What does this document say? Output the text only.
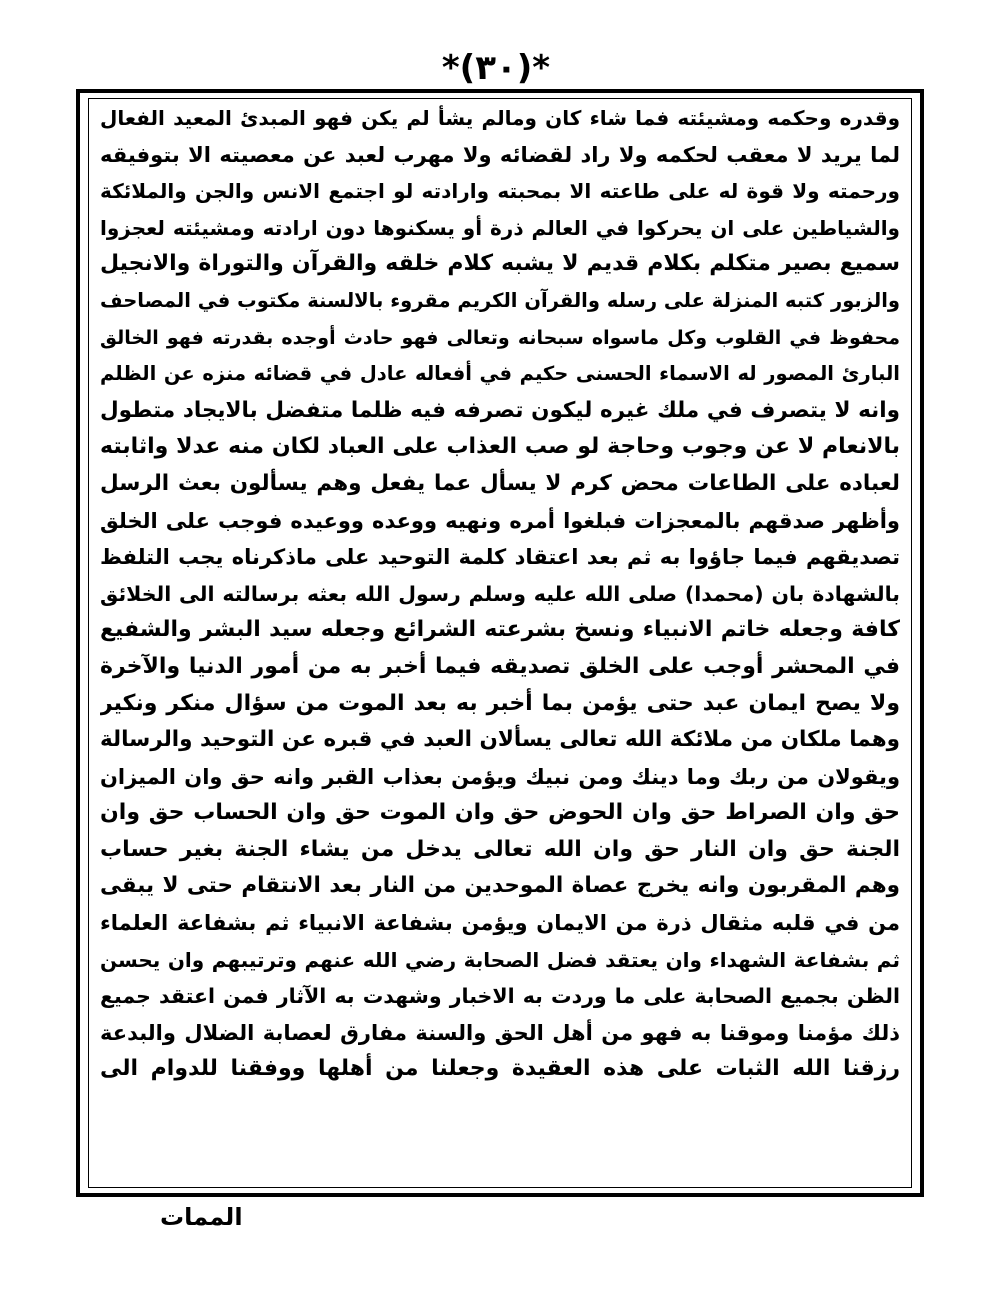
*(٣٠)*
وقدره وحكمه ومشيئته فما شاء كان ومالم يشأ لم يكن فهو المبدئ المعيد الفعال
لما يريد لا معقب لحكمه ولا راد لقضائه ولا مهرب لعبد عن معصيته الا بتوفيقه
ورحمته ولا قوة له على طاعته الا بمحبته وارادته لو اجتمع الانس والجن والملائكة
والشياطين على ان يحركوا في العالم ذرة أو يسكنوها دون ارادته ومشيئته لعجزوا
سميع بصير متكلم بكلام قديم لا يشبه كلام خلقه والقرآن والتوراة والانجيل
والزبور كتبه المنزلة على رسله والقرآن الكريم مقروء بالالسنة مكتوب في المصاحف
محفوظ في القلوب وكل ماسواه سبحانه وتعالى فهو حادث أوجده بقدرته فهو الخالق
البارئ المصور له الاسماء الحسنى حكيم في أفعاله عادل في قضائه منزه عن الظلم
وانه لا يتصرف في ملك غيره ليكون تصرفه فيه ظلما متفضل بالايجاد متطول
بالانعام لا عن وجوب وحاجة لو صب العذاب على العباد لكان منه عدلا واثابته
لعباده على الطاعات محض كرم لا يسأل عما يفعل وهم يسألون بعث الرسل
وأظهر صدقهم بالمعجزات فبلغوا أمره ونهيه ووعده ووعيده فوجب على الخلق
تصديقهم فيما جاؤوا به ثم بعد اعتقاد كلمة التوحيد على ماذكرناه يجب التلفظ
بالشهادة بان (محمدا) صلى الله عليه وسلم رسول الله بعثه برسالته الى الخلائق
كافة وجعله خاتم الانبياء ونسخ بشرعته الشرائع وجعله سيد البشر والشفيع
في المحشر أوجب على الخلق تصديقه فيما أخبر به من أمور الدنيا والآخرة
ولا يصح ايمان عبد حتى يؤمن بما أخبر به بعد الموت من سؤال منكر ونكير
وهما ملكان من ملائكة الله تعالى يسألان العبد في قبره عن التوحيد والرسالة
ويقولان من ربك وما دينك ومن نبيك ويؤمن بعذاب القبر وانه حق وان الميزان
حق وان الصراط حق وان الحوض حق وان الموت حق وان الحساب حق وان
الجنة حق وان النار حق وان الله تعالى يدخل من يشاء الجنة بغير حساب
وهم المقربون وانه يخرج عصاة الموحدين من النار بعد الانتقام حتى لا يبقى
من في قلبه مثقال ذرة من الايمان ويؤمن بشفاعة الانبياء ثم بشفاعة العلماء
ثم بشفاعة الشهداء وان يعتقد فضل الصحابة رضي الله عنهم وترتيبهم وان يحسن
الظن بجميع الصحابة على ما وردت به الاخبار وشهدت به الآثار فمن اعتقد جميع
ذلك مؤمنا وموقنا به فهو من أهل الحق والسنة مفارق لعصابة الضلال والبدعة
رزقنا الله الثبات على هذه العقيدة وجعلنا من أهلها ووفقنا للدوام الى
الممات
